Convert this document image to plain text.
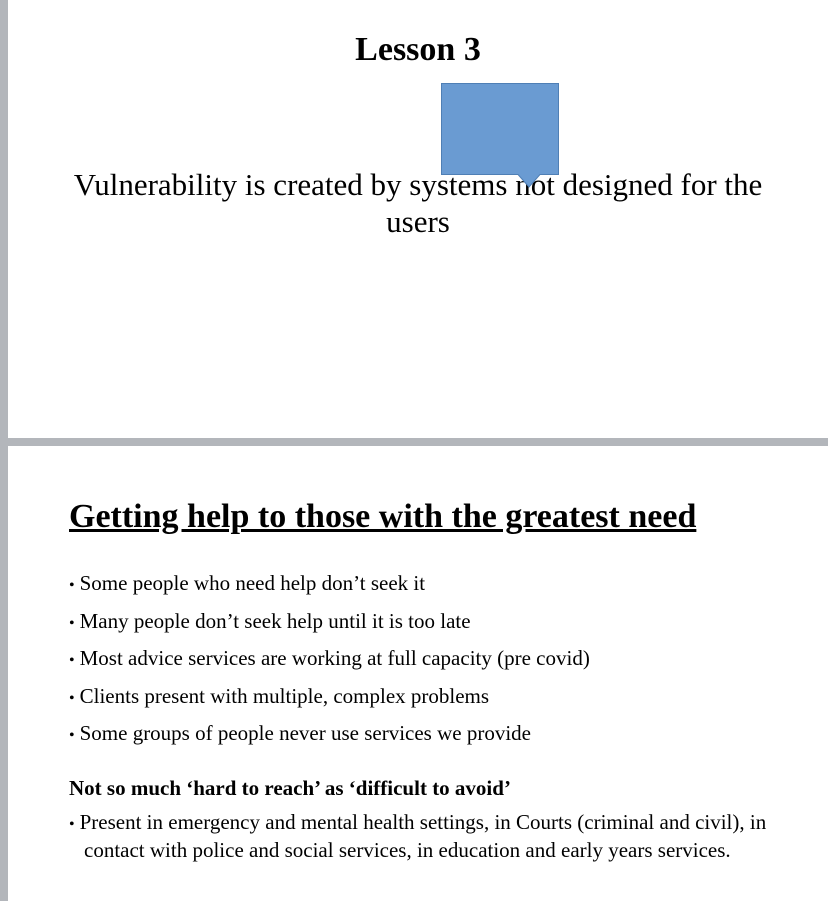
Lesson 3
Vulnerability is created by systems not designed for the users
Getting help to those with the greatest need
• Some people who need help don’t seek it
• Many people don’t seek help until it is too late
• Most advice services are working at full capacity (pre covid)
• Clients present with multiple, complex problems
• Some groups of people never use services we provide
Not so much ‘hard to reach’ as ‘difficult to avoid’
• Present in emergency and mental health settings, in Courts (criminal and civil), in contact with police and social services, in education and early years services.
